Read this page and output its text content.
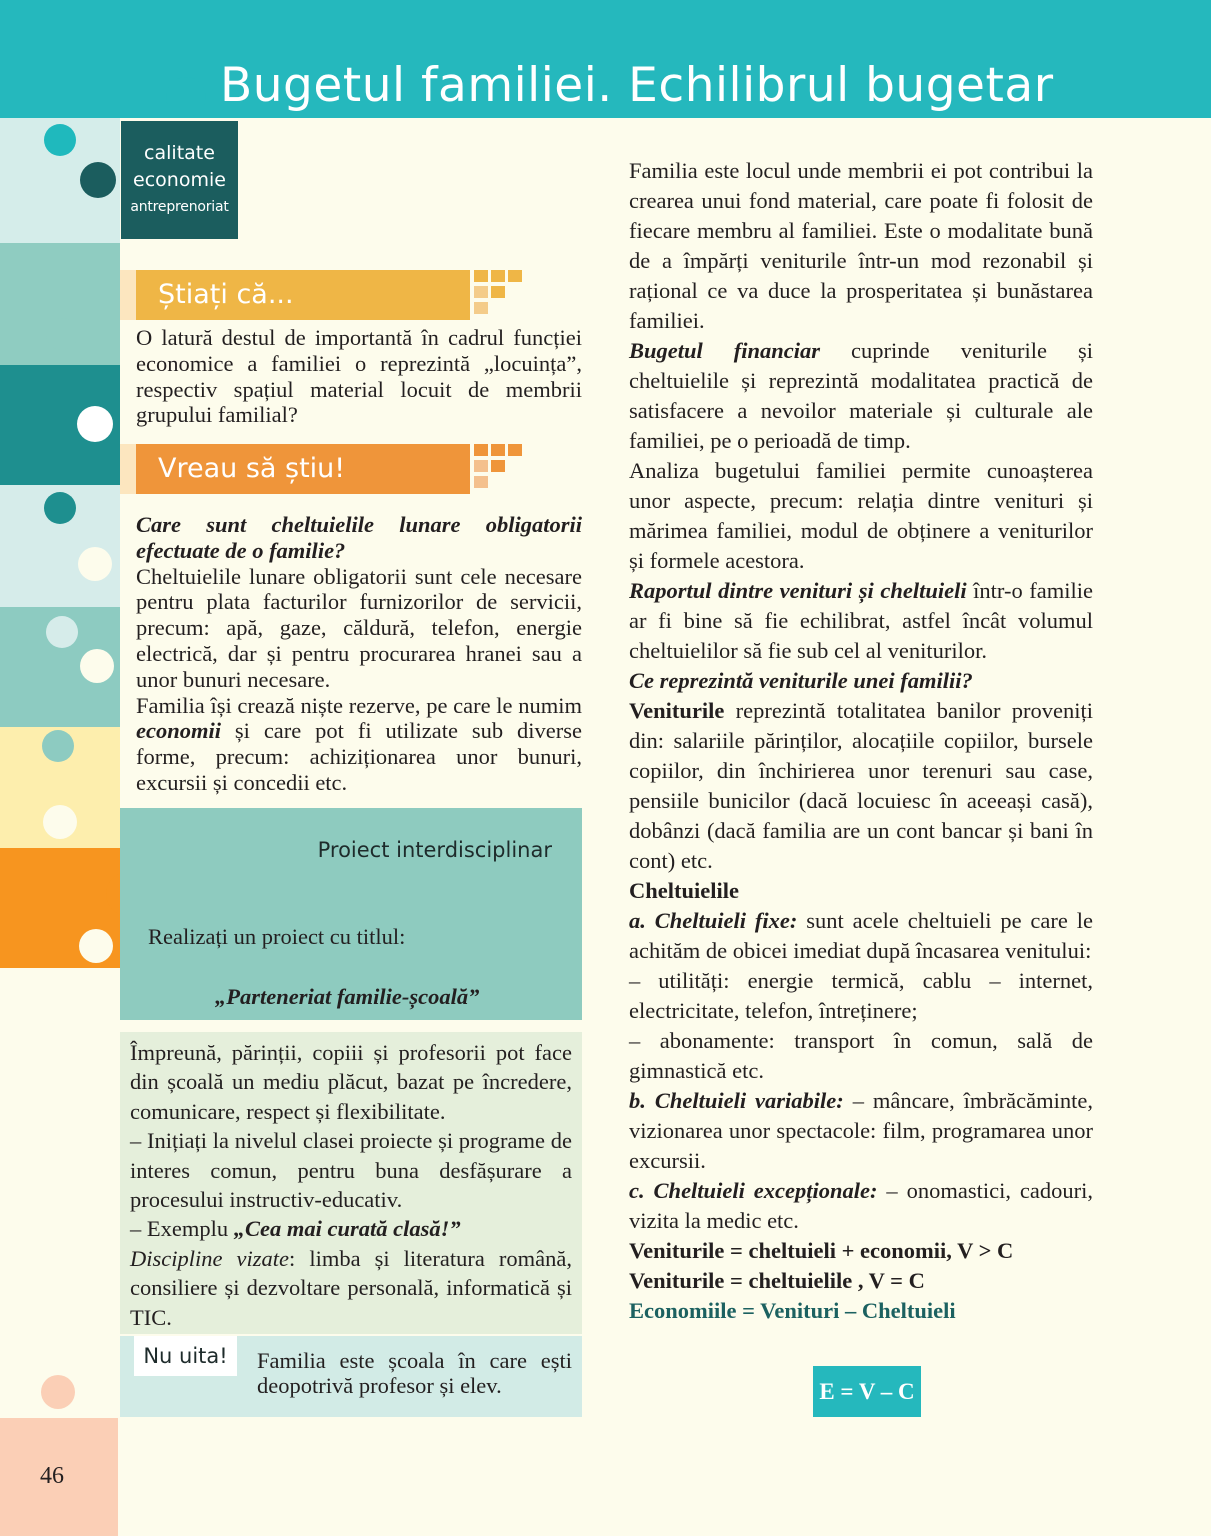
Bugetul familiei. Echilibrul bugetar
calitate
economie
antreprenoriat
Știați că...
O latură destul de importantă în cadrul funcției economice a familiei o reprezintă „locuința”, respectiv spațiul material locuit de membrii grupului familial?
Vreau să știu!

Care sunt cheltuielile lunare obligatorii efectuate de o familie?

Cheltuielile lunare obligatorii sunt cele necesare pentru plata facturilor furnizorilor de servicii, precum: apă, gaze, căldură, telefon, energie electrică, dar și pentru procurarea hranei sau a unor bunuri necesare.

Familia își crează niște rezerve, pe care le numim economii și care pot fi utilizate sub diverse forme, precum: achiziționarea unor bunuri, excursii și concedii etc.

Proiect interdisciplinar
Realizați un proiect cu titlul:
„Parteneriat familie-școală”

Împreună, părinții, copiii și profesorii pot face din școală un mediu plăcut, bazat pe încredere, comunicare, respect și flexibilitate.

– Inițiați la nivelul clasei proiecte și programe de interes comun, pentru buna desfășurare a procesului instructiv-educativ.

– Exemplu „Cea mai curată clasă!”

Discipline vizate: limba și literatura română, consiliere și dezvoltare personală, informatică și TIC.

Nu uita!	Familia este școala în care ești deopotrivă profesor și elev.

Familia este locul unde membrii ei pot contribui la crearea unui fond material, care poate fi folosit de fiecare membru al familiei. Este o modalitate bună de a împărți veniturile într-un mod rezonabil și rațional ce va duce la prosperitatea și bunăstarea familiei.

Bugetul financiar cuprinde veniturile și cheltuielile și reprezintă modalitatea practică de satisfacere a nevoilor materiale și culturale ale familiei, pe o perioadă de timp.

Analiza bugetului familiei permite cunoașterea unor aspecte, precum: relația dintre venituri și mărimea familiei, modul de obținere a veniturilor și formele acestora.

Raportul dintre venituri și cheltuieli într-o familie ar fi bine să fie echilibrat, astfel încât volumul cheltuielilor să fie sub cel al veniturilor.

Ce reprezintă veniturile unei familii?

Veniturile reprezintă totalitatea banilor proveniți din: salariile părinților, alocațiile copiilor, bursele copiilor, din închirierea unor terenuri sau case, pensiile bunicilor (dacă locuiesc în aceeași casă), dobânzi (dacă familia are un cont bancar și bani în cont) etc.

Cheltuielile

a. Cheltuieli fixe: sunt acele cheltuieli pe care le achităm de obicei imediat după încasarea venitului:

– utilități: energie termică, cablu – internet, electricitate, telefon, întreținere;

– abonamente: transport în comun, sală de gimnastică etc.

b. Cheltuieli variabile: – mâncare, îmbrăcăminte, vizionarea unor spectacole: film, programarea unor excursii.

c. Cheltuieli excepționale: – onomastici, cadouri, vizita la medic etc.

Veniturile = cheltuieli + economii, V > C

Veniturile = cheltuielile , V = C

Economiile = Venituri – Cheltuieli

E = V – C
46
